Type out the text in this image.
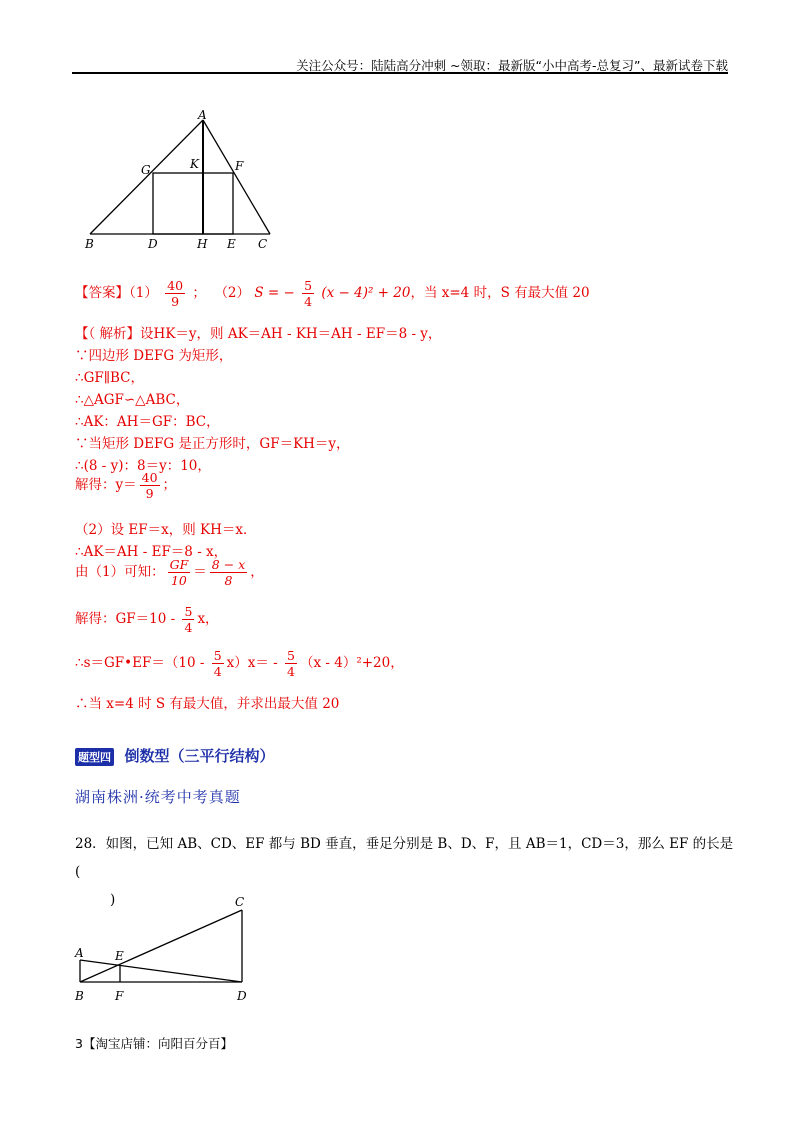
关注公众号：陆陆高分冲刺 ~领取：最新版“小中高考-总复习”、最新试卷下载
A
B	C
D	E
F
G
H
K
【答案】$(1) \frac{40}{9}$ ； （2） S = − $\frac{5}{4} (x - 4)^2 + 20$，当 x=4 时，S 有最大值 20
【（ 解析】设HK＝y，则 AK＝AH - KH＝AH - EF＝8 - y，
∵四边形 DEFG 为矩形，
∴GF∥BC，
∴△AGF∽△ABC，
∴AK：AH＝GF：BC，
∵当矩形 DEFG 是正方形时，GF＝KH＝y，
∴(8 - y)：8＝y：10，
解得：$y= \frac{40}{9}$ ；
（2）设 EF＝x，则 KH＝x．
∴AK＝AH - EF＝8 - x，
由（1）可知： $\frac{GF}{10} = \frac{8 - x}{8}$ ，
解得：$GF=10 - \frac{5}{4}$ x，
∴s＝GF•EF＝（10 - $\frac{5}{4} x)x= - \frac{5}{4} (x - 4)^2+20$，
∴当 x=4 时 S 有最大值，并求出最大值 20
题型四 倒数型（三平行结构）
湖南株洲·统考中考真题
28．如图，已知 AB、CD、EF 都与 BD 垂直，垂足分别是 B、D、F，且 AB＝1，CD＝3，那么 EF 的长是(
)
A
B
C
D
E
F
3【淘宝店铺：向阳百分百】
